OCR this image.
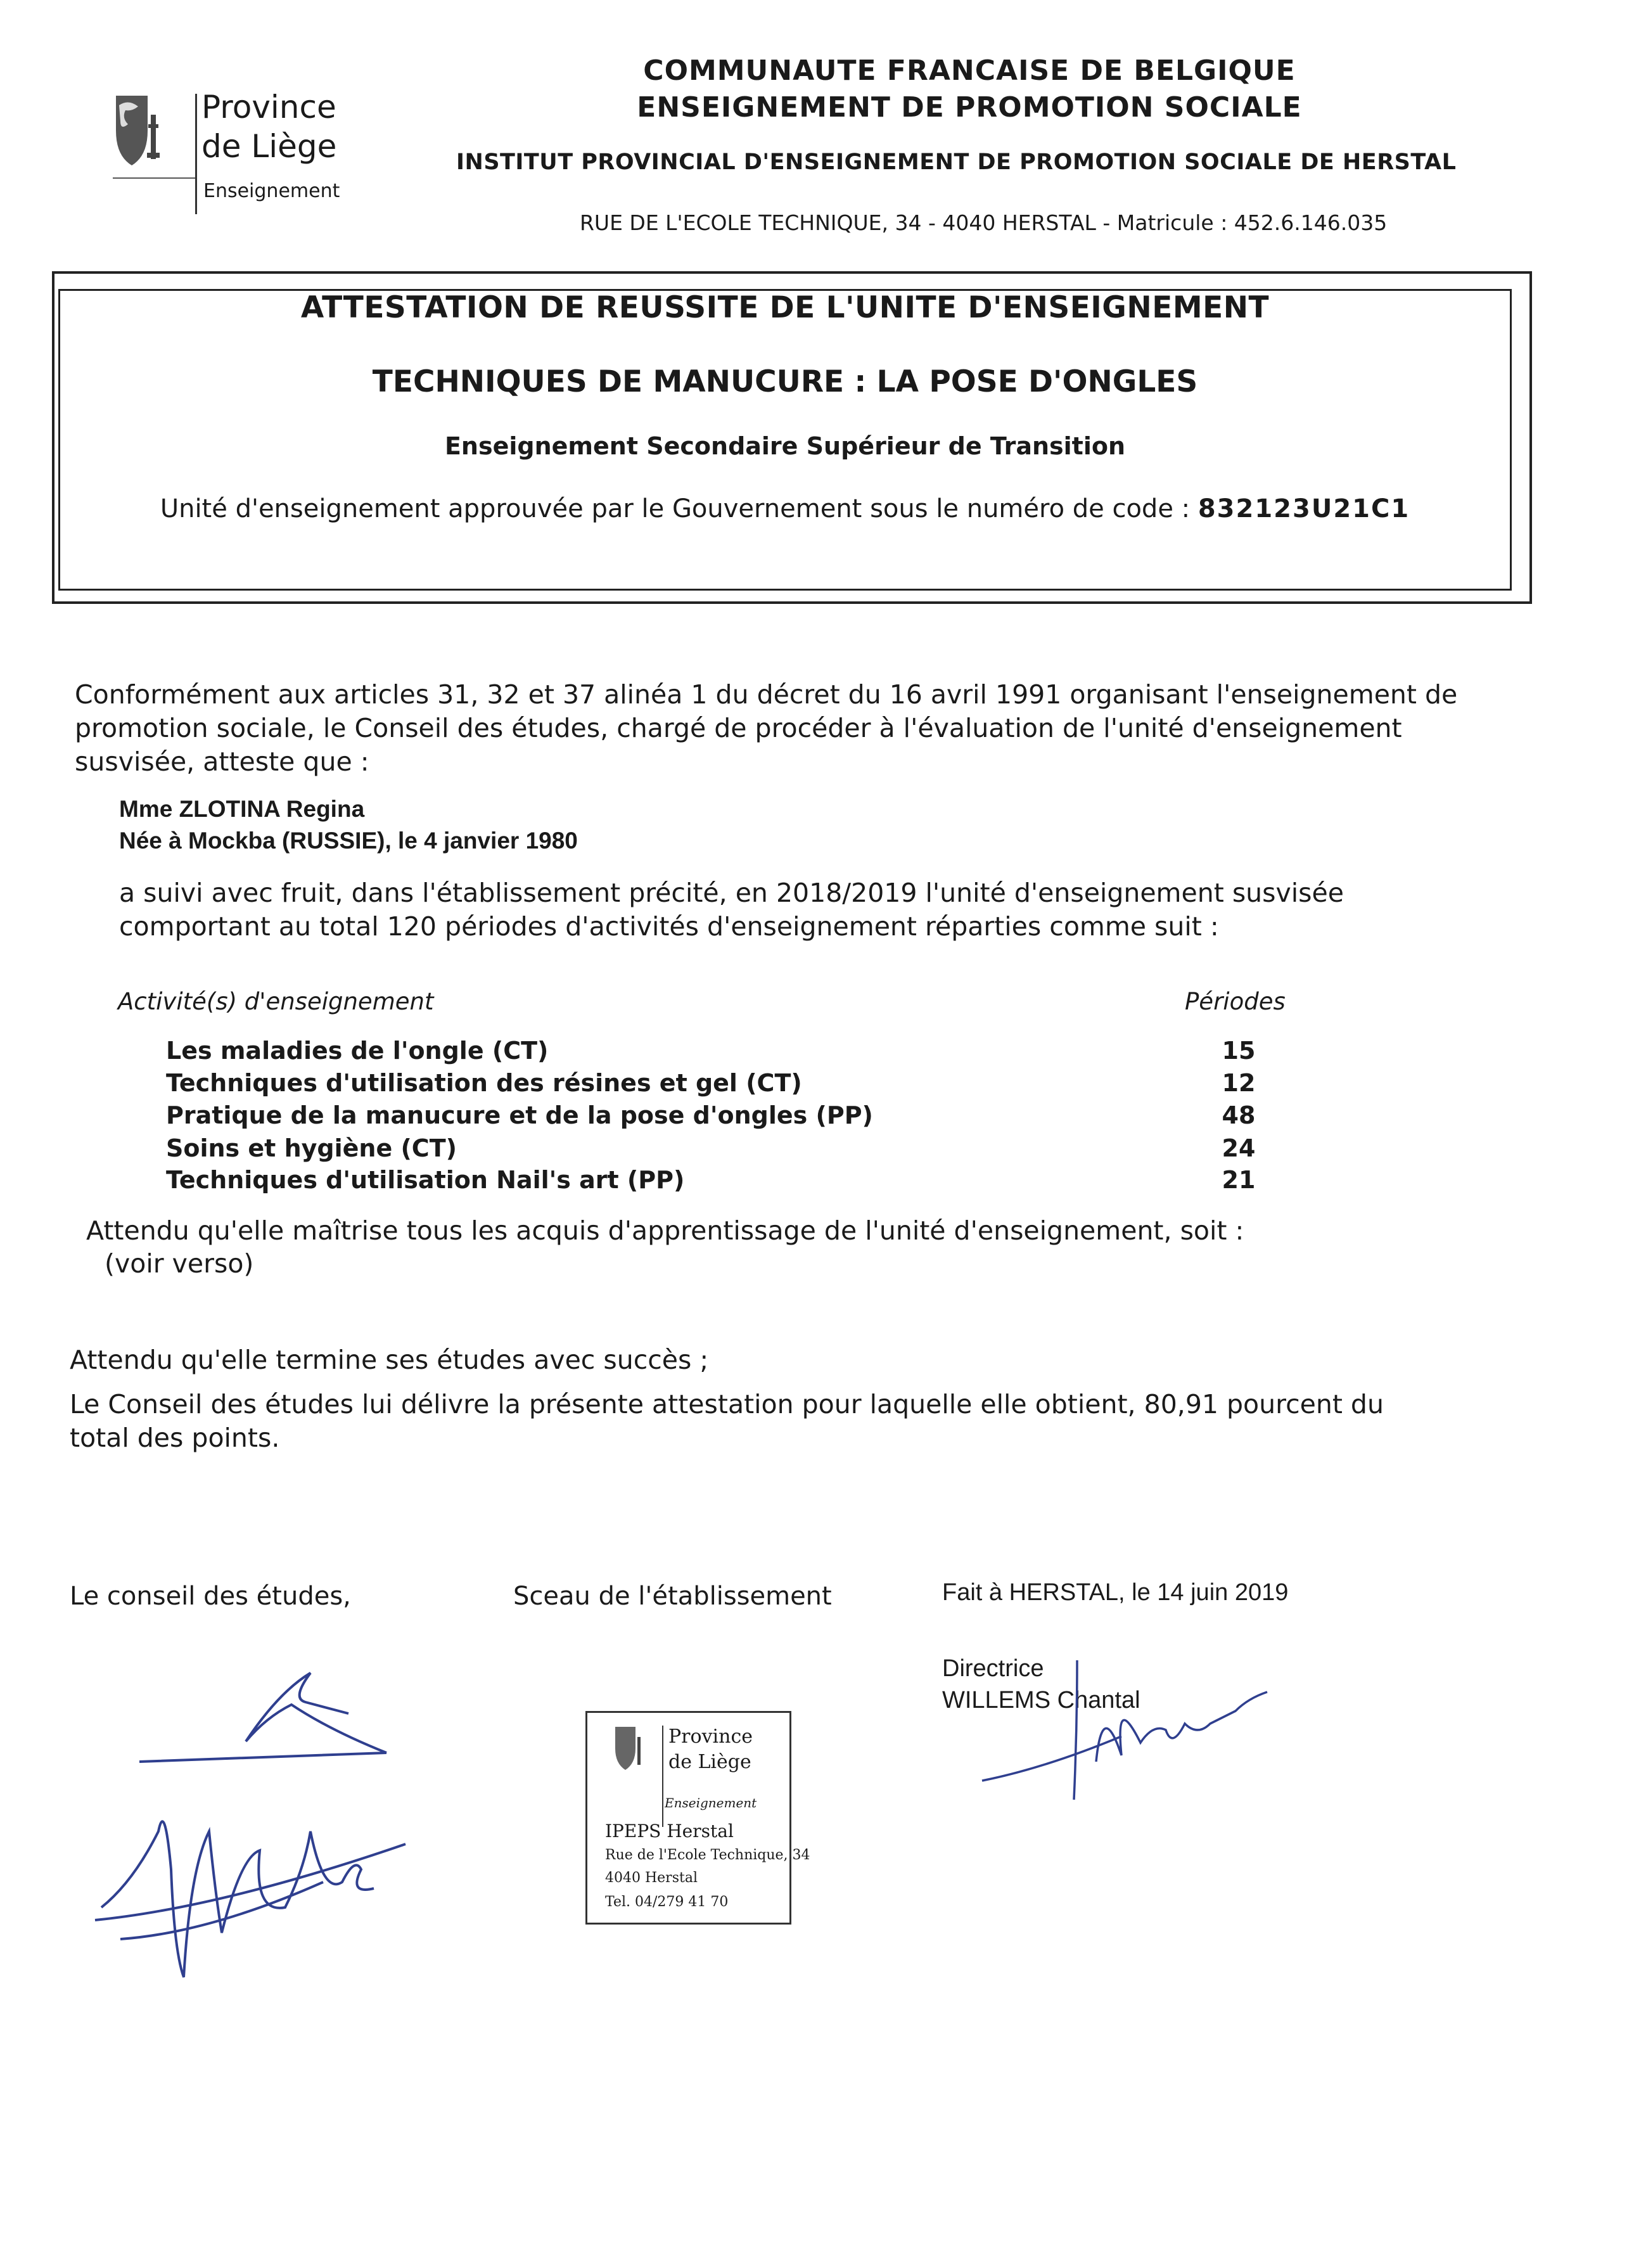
Province
de Liège
Enseignement
COMMUNAUTE FRANCAISE DE BELGIQUE
ENSEIGNEMENT DE PROMOTION SOCIALE
INSTITUT PROVINCIAL D'ENSEIGNEMENT DE PROMOTION SOCIALE DE HERSTAL
RUE DE L'ECOLE TECHNIQUE, 34 - 4040 HERSTAL - Matricule : 452.6.146.035
ATTESTATION DE REUSSITE DE L'UNITE D'ENSEIGNEMENT
TECHNIQUES DE MANUCURE : LA POSE D'ONGLES
Enseignement Secondaire Supérieur de Transition
Unité d'enseignement approuvée par le Gouvernement sous le numéro de code : 832123U21C1
Conformément aux articles 31, 32 et 37 alinéa 1 du décret du 16 avril 1991 organisant l'enseignement de
promotion sociale, le Conseil des études, chargé de procéder à l'évaluation de l'unité d'enseignement
susvisée, atteste que :
Mme ZLOTINA Regina
Née à Mockba (RUSSIE), le 4 janvier 1980
a suivi avec fruit, dans l'établissement précité, en 2018/2019 l'unité d'enseignement susvisée
comportant au total 120 périodes d'activités d'enseignement réparties comme suit :
Activité(s) d'enseignement	Périodes
Les maladies de l'ongle (CT)	15
Techniques d'utilisation des résines et gel (CT)	12
Pratique de la manucure et de la pose d'ongles (PP)	48
Soins et hygiène (CT)	24
Techniques d'utilisation Nail's art (PP)	21
Attendu qu'elle maîtrise tous les acquis d'apprentissage de l'unité d'enseignement, soit :
(voir verso)
Attendu qu'elle termine ses études avec succès ;
Le Conseil des études lui délivre la présente attestation pour laquelle elle obtient, 80,91 pourcent du
total des points.
Le conseil des études,	Sceau de l'établissement	Fait à HERSTAL, le 14 juin 2019
Directrice
WILLEMS Chantal
Province
de Liège
Enseignement
IPEPS Herstal
Rue de l'Ecole Technique, 34
4040 Herstal
Tel. 04/279 41 70
